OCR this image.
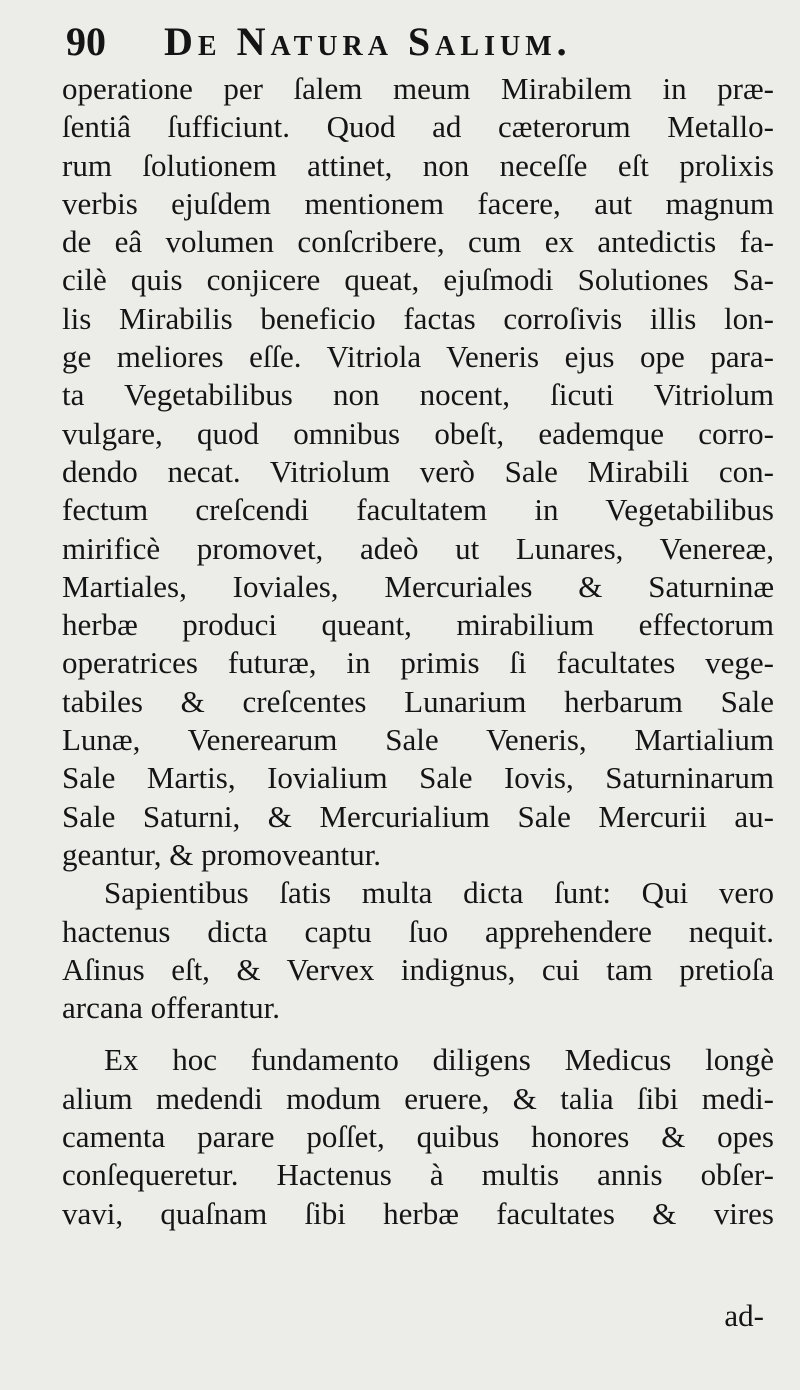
90 De Natura Salium.
operatione per ſalem meum Mirabilem in præ-
ſentiâ ſufficiunt. Quod ad cæterorum Metallo-
rum ſolutionem attinet, non neceſſe eſt prolixis
verbis ejuſdem mentionem facere, aut magnum
de eâ volumen conſcribere, cum ex antedictis fa-
cilè quis conjicere queat, ejuſmodi Solutiones Sa-
lis Mirabilis beneficio factas corroſivis illis lon-
ge meliores eſſe. Vitriola Veneris ejus ope para-
ta Vegetabilibus non nocent, ſicuti Vitriolum
vulgare, quod omnibus obeſt, eademque corro-
dendo necat. Vitriolum verò Sale Mirabili con-
fectum creſcendi facultatem in Vegetabilibus
mirificè promovet, adeò ut Lunares, Venereæ,
Martiales, Ioviales, Mercuriales & Saturninæ
herbæ produci queant, mirabilium effectorum
operatrices futuræ, in primis ſi facultates vege-
tabiles & creſcentes Lunarium herbarum Sale
Lunæ, Venerearum Sale Veneris, Martialium
Sale Martis, Iovialium Sale Iovis, Saturninarum
Sale Saturni, & Mercurialium Sale Mercurii au-
geantur, & promoveantur.
Sapientibus ſatis multa dicta ſunt: Qui vero
hactenus dicta captu ſuo apprehendere nequit.
Aſinus eſt, & Vervex indignus, cui tam pretioſa
arcana offerantur.
Ex hoc fundamento diligens Medicus longè
alium medendi modum eruere, & talia ſibi medi-
camenta parare poſſet, quibus honores & opes
conſequeretur. Hactenus à multis annis obſer-
vavi, quaſnam ſibi herbæ facultates & vires
ad-
